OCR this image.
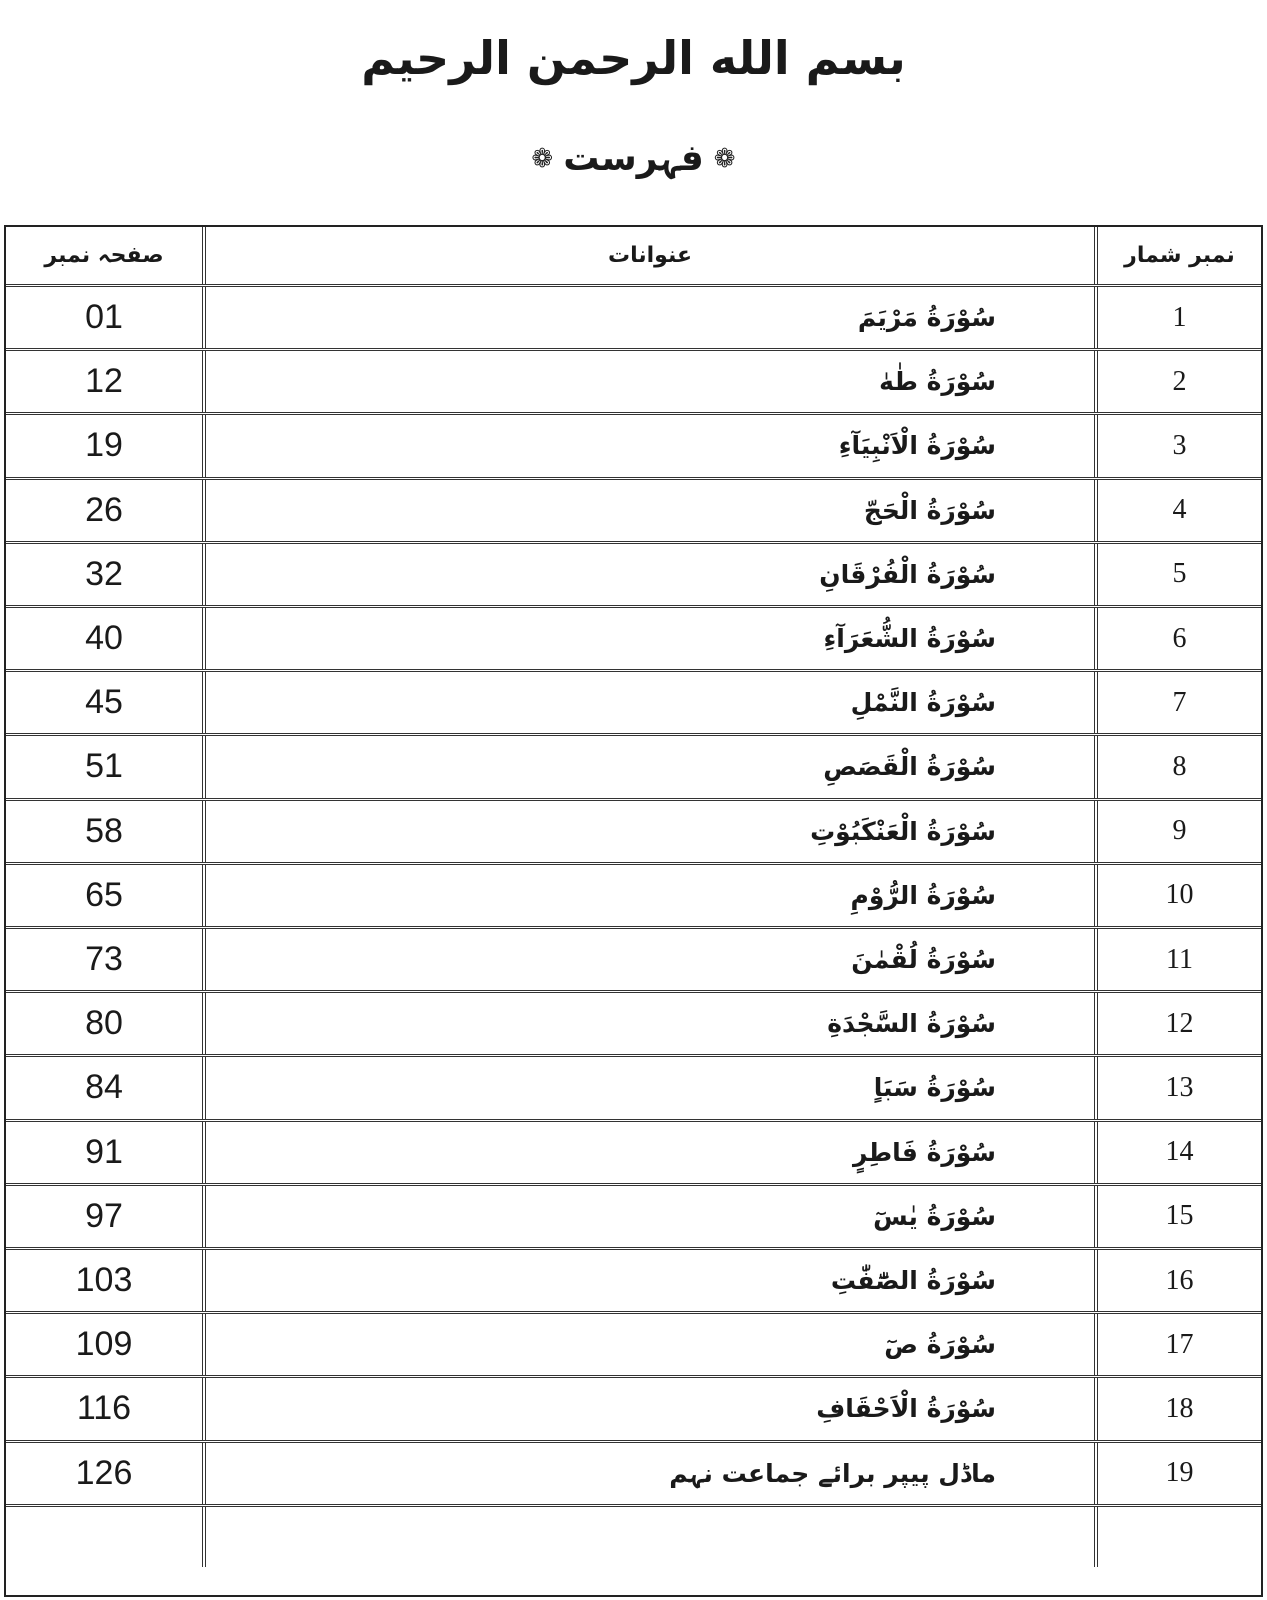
بسم الله الرحمن الرحيم
❁
فہرست
❁
صفحہ نمبر	عنوانات	نمبر شمار
01	سُوْرَةُ مَرْيَمَ	1
12	سُوْرَةُ طٰهٰ	2
19	سُوْرَةُ الْاَنْبِيَآءِ	3
26	سُوْرَةُ الْحَجّ	4
32	سُوْرَةُ الْفُرْقَانِ	5
40	سُوْرَةُ الشُّعَرَآءِ	6
45	سُوْرَةُ النَّمْلِ	7
51	سُوْرَةُ الْقَصَصِ	8
58	سُوْرَةُ الْعَنْكَبُوْتِ	9
65	سُوْرَةُ الرُّوْمِ	10
73	سُوْرَةُ لُقْمٰنَ	11
80	سُوْرَةُ السَّجْدَةِ	12
84	سُوْرَةُ سَبَاٍ	13
91	سُوْرَةُ فَاطِرٍ	14
97	سُوْرَةُ يٰسٓ	15
103	سُوْرَةُ الصّٰٓفّٰتِ	16
109	سُوْرَةُ صٓ	17
116	سُوْرَةُ الْاَحْقَافِ	18
126	ماڈل پیپر برائے جماعت نہم	19
